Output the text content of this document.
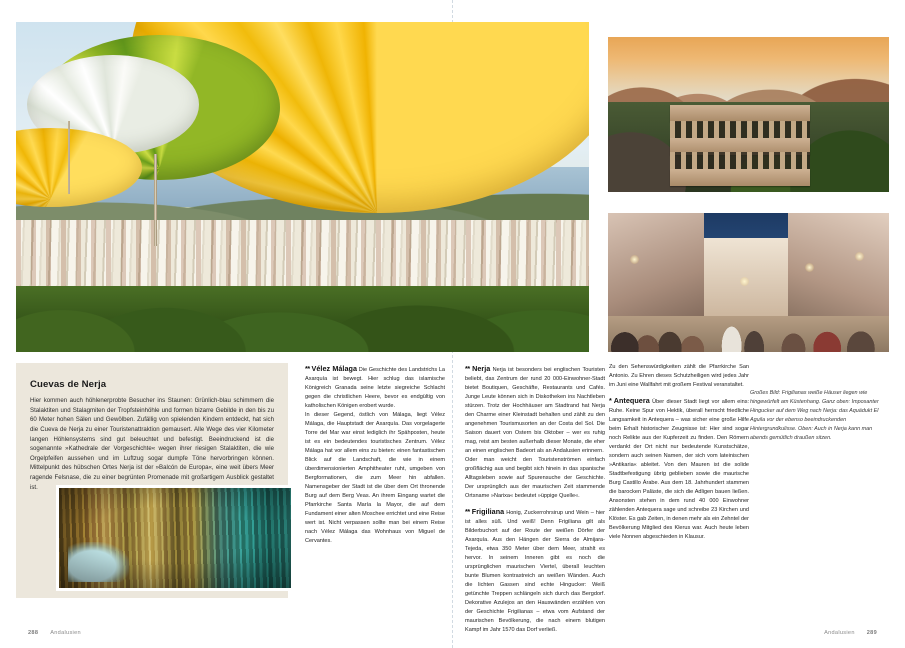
Cuevas de Nerja

Hier kommen auch höhlenerprobte Besucher ins Staunen: Grünlich-blau schimmern die Stalaktiten und Stalagmiten der Tropfsteinhöhle und formen bizarre Gebilde in den bis zu 60 Meter hohen Sälen und Gewölben. Zufällig von spielenden Kindern entdeckt, hat sich die Cueva de Nerja zu einer Touristenattraktion gemausert. Alle Wege des vier Kilometer langen Höhlensystems sind gut beleuchtet und befestigt. Beeindruckend ist die sogenannte »Kathedrale der Vorgeschichte« wegen ihrer riesigen Stalaktiten, die wie Orgelpfeifen aussehen und im Luftzug sogar dumpfe Töne hervorbringen können. Mittelpunkt des hübschen Ortes Nerja ist der »Balcón de Europa«, eine weit übers Meer ragende Felsnase, die zu einer begrünten Promenade mit großartigem Ausblick gestaltet ist.

** Vélez Málaga Die Geschichte des Landstrichs La Axarquía ist bewegt. Hier schlug das islamische Königreich Granada seine letzte siegreiche Schlacht gegen die christlichen Heere, bevor es endgültig von katholischen Königen erobert wurde.

In dieser Gegend, östlich von Málaga, liegt Vélez Málaga, die Hauptstadt der Axarquía. Das vorgelagerte Torre del Mar war einst lediglich ihr Spähposten, heute ist es ein bedeutendes touristisches Zentrum. Vélez Málaga hat vor allem eins zu bieten: einen fantastischen Blick auf die Landschaft, die wie in einem überdimensionierten Amphitheater ruht, umgeben von Bergformationen, die zum Meer hin abfallen. Namensgeber der Stadt ist die über dem Ort thronende Burg auf dem Berg Veas. An ihrem Eingang wartet die Pfarrkirche Santa María la Mayor, die auf dem Fundament einer alten Moschee errichtet und eine Reise wert ist. Nicht verpassen sollte man bei einem Reise nach Vélez Málaga das Wohnhaus von Miguel de Cervantes.

** Nerja Nerja ist besonders bei englischen Touristen beliebt, das Zentrum der rund 20 000-Einwohner-Stadt bietet Boutiquen, Geschäfte, Restaurants und Cafés. Junge Leute können sich in Diskotheken ins Nachtleben stürzen. Trotz der Hochhäuser am Stadtrand hat Nerja den Charme einer Kleinstadt behalten und zählt zu den angenehmen Tourismusorten an der Costa del Sol. Die Saison dauert von Ostern bis Oktober – wer es ruhig mag, reist am besten außerhalb dieser Monate, die eher an einen englischen Badeort als an Andalusien erinnern.

Oder man weicht den Touristenströmen einfach großflächig aus und begibt sich hinein in das spanische Alltagsleben sowie auf Spurensuche der Geschichte. Der ursprünglich aus der maurischen Zeit stammende Ortsname »Narixa« bedeutet »üppige Quelle«.

** Frigiliana Honig, Zuckerrohrsirup und Wein – hier ist alles süß. Und weiß! Denn Frigiliana gilt als Bilderbuchort auf der Route der weißen Dörfer der Axarquía. Aus den Hängen der Sierra de Almijara-Tejeda, etwa 350 Meter über dem Meer, strahlt es hervor. In seinem Inneren gibt es noch die ursprünglichen maurischen Viertel, überall leuchten bunte Blumen kontrastreich an weißen Wänden. Auch die lichten Gassen sind echte Hingucker: Weiß getünchte Treppen schlängeln sich durch das Bergdorf. Dekorative Azulejos an den Hauswänden erzählen von der Geschichte Frigilianas – etwa vom Aufstand der maurischen Bevölkerung, die nach einem blutigen Kampf im Jahr 1570 das Dorf verließ.

Zu den Sehenswürdigkeiten zählt die Pfarrkirche San Antonio. Zu Ehren dieses Schutzheiligen wird jedes Jahr im Juni eine Wallfahrt mit großem Festival veranstaltet.

* Antequera Über dieser Stadt liegt vor allem eins: Ruhe. Keine Spur von Hektik, überall herrscht friedliche Langsamkeit in Antequera – was sicher eine große Hilfe beim Erhalt historischer Zeugnisse ist: Hier sind sogar noch Relikte aus der Kupferzeit zu finden. Den Römern verdankt der Ort nicht nur bedeutende Kunstschätze, sondern auch seinen Namen, der sich vom lateinischen »Antikaria« ableitet. Von den Mauren ist die solide Stadtbefestigung übrig geblieben sowie die maurische Burg Castillo Árabe. Aus dem 18. Jahrhundert stammen die barocken Paläste, die sich die Adligen bauen ließen. Ansonsten stehen in dem rund 40 000 Einwohner zählenden Antequera sage und schreibe 23 Kirchen und Klöster. Es gab Zeiten, in denen mehr als ein Zehntel der Bevölkerung Mitglied des Klerus war. Auch heute leben viele Nonnen abgeschieden in Klausur.

Großes Bild: Frigilianas weiße Häuser liegen wie hingewürfelt am Küstenhang. Ganz oben: Imposanter Hingucker auf dem Weg nach Nerja: das Aquädukt El Aguila vor der ebenso beeindruckenden Hintergrundkulisse. Oben: Auch in Nerja kann man abends gemütlich draußen sitzen.
288 Andalusien	Andalusien 289
